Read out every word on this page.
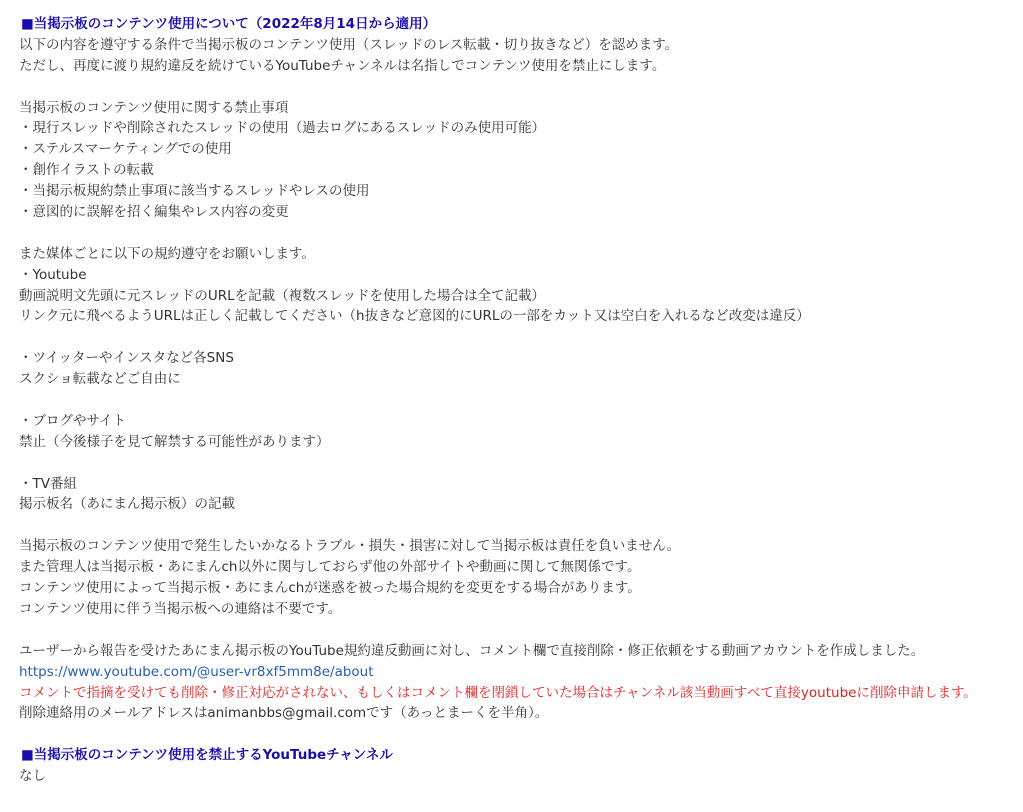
■当掲示板のコンテンツ使用について（2022年8月14日から適用）
以下の内容を遵守する条件で当掲示板のコンテンツ使用（スレッドのレス転載・切り抜きなど）を認めます。
ただし、再度に渡り規約違反を続けているYouTubeチャンネルは名指しでコンテンツ使用を禁止にします。
当掲示板のコンテンツ使用に関する禁止事項
・現行スレッドや削除されたスレッドの使用（過去ログにあるスレッドのみ使用可能）
・ステルスマーケティングでの使用
・創作イラストの転載
・当掲示板規約禁止事項に該当するスレッドやレスの使用
・意図的に誤解を招く編集やレス内容の変更
また媒体ごとに以下の規約遵守をお願いします。
・Youtube
動画説明文先頭に元スレッドのURLを記載（複数スレッドを使用した場合は全て記載）
リンク元に飛べるようURLは正しく記載してください（h抜きなど意図的にURLの一部をカット又は空白を入れるなど改変は違反）
・ツイッターやインスタなど各SNS
スクショ転載などご自由に
・ブログやサイト
禁止（今後様子を見て解禁する可能性があります）
・TV番組
掲示板名（あにまん掲示板）の記載
当掲示板のコンテンツ使用で発生したいかなるトラブル・損失・損害に対して当掲示板は責任を負いません。
また管理人は当掲示板・あにまんch以外に関与しておらず他の外部サイトや動画に関して無関係です。
コンテンツ使用によって当掲示板・あにまんchが迷惑を被った場合規約を変更をする場合があります。
コンテンツ使用に伴う当掲示板への連絡は不要です。
ユーザーから報告を受けたあにまん掲示板のYouTube規約違反動画に対し、コメント欄で直接削除・修正依頼をする動画アカウントを作成しました。
https://www.youtube.com/@user-vr8xf5mm8e/about
コメントで指摘を受けても削除・修正対応がされない、もしくはコメント欄を閉鎖していた場合はチャンネル該当動画すべて直接youtubeに削除申請します。
削除連絡用のメールアドレスはanimanbbs@gmail.comです（あっとまーくを半角）。
■当掲示板のコンテンツ使用を禁止するYouTubeチャンネル
なし
